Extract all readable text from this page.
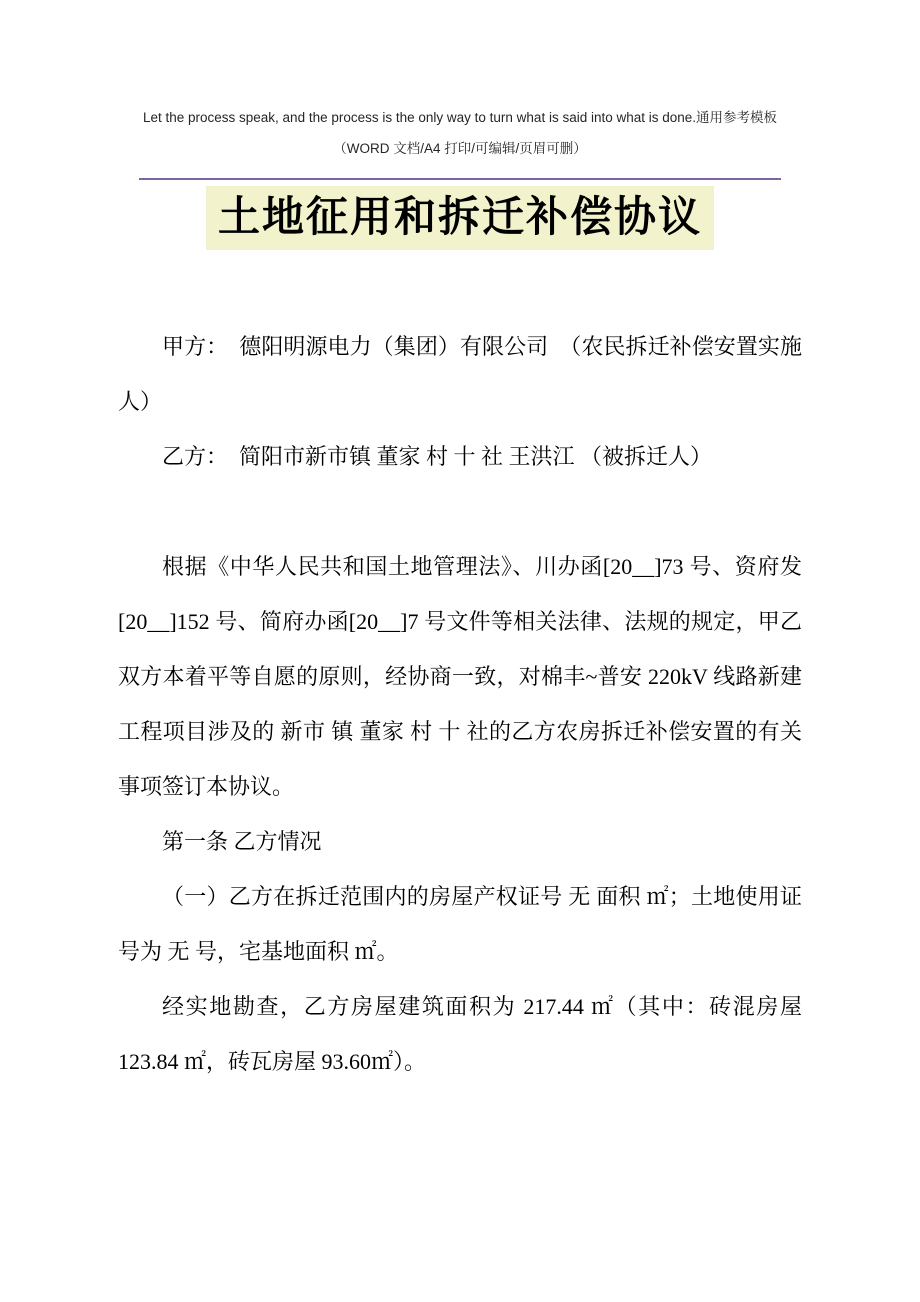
Let the process speak, and the process is the only way to turn what is said into what is done.通用参考模板
（WORD 文档/A4 打印/可编辑/页眉可删）
土地征用和拆迁补偿协议

甲方：　德阳明源电力（集团）有限公司　（农民拆迁补偿安置实施人）

乙方：　简阳市新市镇 董家 村 十 社 王洪江 （被拆迁人）

根据《中华人民共和国土地管理法》、川办函[20__]73 号、资府发[20__]152 号、简府办函[20__]7 号文件等相关法律、法规的规定，甲乙双方本着平等自愿的原则，经协商一致，对棉丰~普安 220kV 线路新建工程项目涉及的 新市 镇 董家 村 十 社的乙方农房拆迁补偿安置的有关事项签订本协议。

第一条 乙方情况

（一）乙方在拆迁范围内的房屋产权证号 无 面积 ㎡；土地使用证号为 无 号，宅基地面积 ㎡。

经实地勘查，乙方房屋建筑面积为 217.44 ㎡（其中：砖混房屋 123.84 ㎡，砖瓦房屋 93.60㎡）。
